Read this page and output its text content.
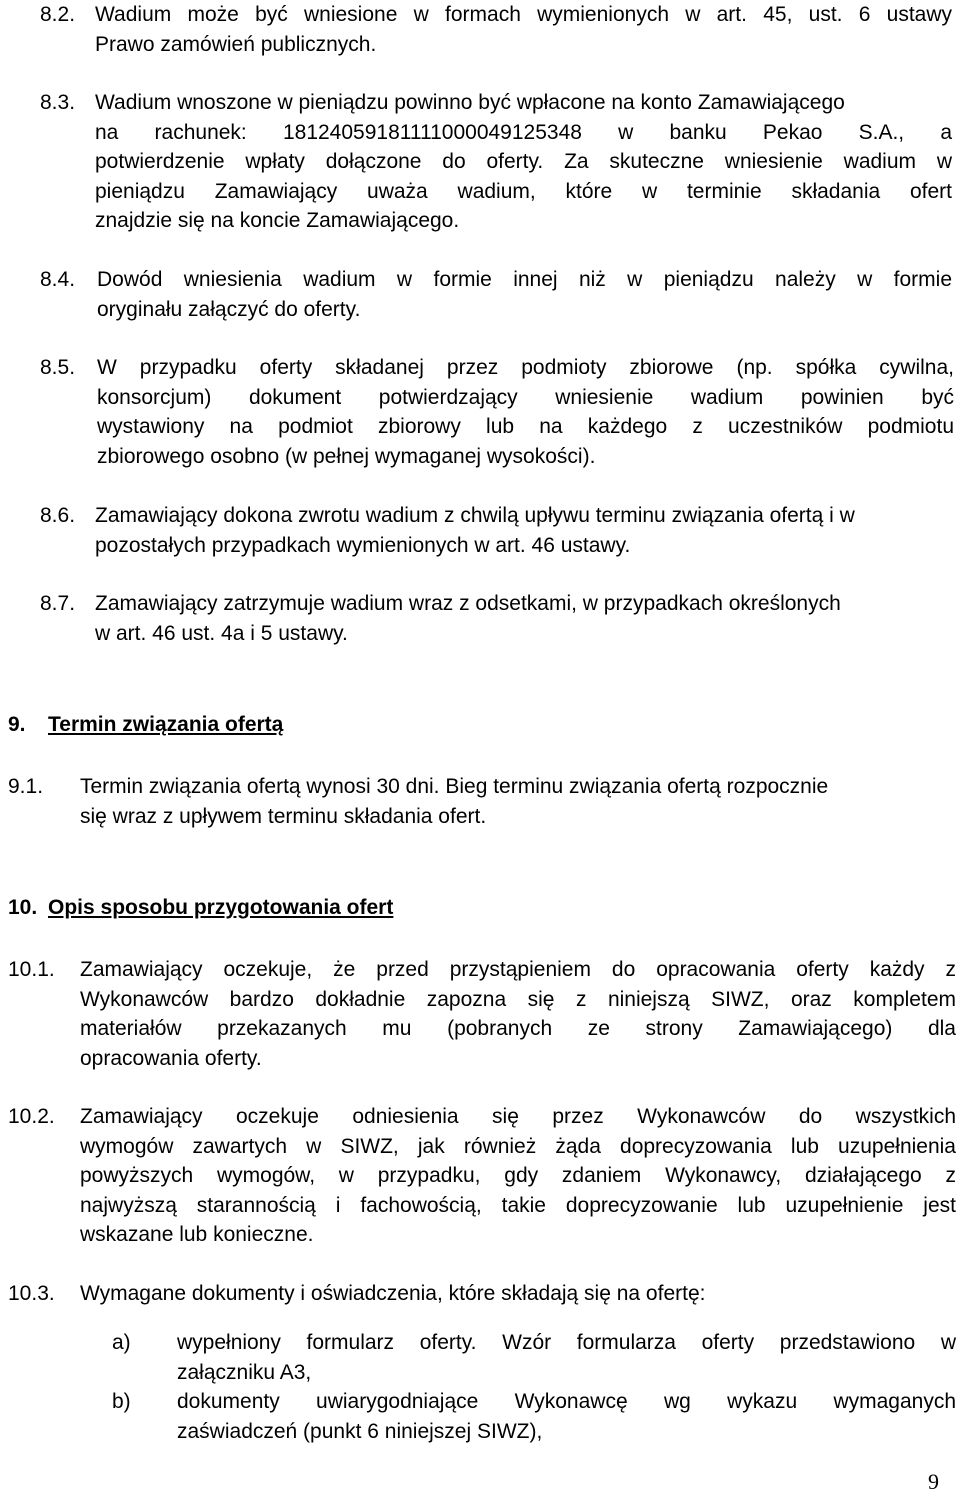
8.2. Wadium może być wniesione w formach wymienionych w art. 45, ust. 6 ustawy

Prawo zamówień publicznych.

8.3. Wadium wnoszone w pieniądzu powinno być wpłacone na konto Zamawiającego

na rachunek: 18124059181111000049125348 w banku Pekao S.A., a

potwierdzenie wpłaty dołączone do oferty. Za skuteczne wniesienie wadium w

pieniądzu Zamawiający uważa wadium, które w terminie składania ofert

znajdzie się na koncie Zamawiającego.

8.4. Dowód wniesienia wadium w formie innej niż w pieniądzu należy w formie

oryginału załączyć do oferty.

8.5. W przypadku oferty składanej przez podmioty zbiorowe (np. spółka cywilna,

konsorcjum) dokument potwierdzający wniesienie wadium powinien być

wystawiony na podmiot zbiorowy lub na każdego z uczestników podmiotu

zbiorowego osobno (w pełnej wymaganej wysokości).

8.6. Zamawiający dokona zwrotu wadium z chwilą upływu terminu związania ofertą i w

pozostałych przypadkach wymienionych w art. 46 ustawy.

8.7. Zamawiający zatrzymuje wadium wraz z odsetkami, w przypadkach określonych

w art. 46 ust. 4a i 5 ustawy.

9. Termin związania ofertą
9.1. Termin związania ofertą wynosi 30 dni. Bieg terminu związania ofertą rozpocznie

się wraz z upływem terminu składania ofert.

10. Opis sposobu przygotowania ofert
10.1. Zamawiający oczekuje, że przed przystąpieniem do opracowania oferty każdy z

Wykonawców bardzo dokładnie zapozna się z niniejszą SIWZ, oraz kompletem

materiałów przekazanych mu (pobranych ze strony Zamawiającego) dla

opracowania oferty.

10.2. Zamawiający oczekuje odniesienia się przez Wykonawców do wszystkich

wymogów zawartych w SIWZ, jak również żąda doprecyzowania lub uzupełnienia

powyższych wymogów, w przypadku, gdy zdaniem Wykonawcy, działającego z

najwyższą starannością i fachowością, takie doprecyzowanie lub uzupełnienie jest

wskazane lub konieczne.

10.3. Wymagane dokumenty i oświadczenia, które składają się na ofertę:

a) wypełniony formularz oferty. Wzór formularza oferty przedstawiono w

załączniku A3,

b) dokumenty uwiarygodniające Wykonawcę wg wykazu wymaganych

zaświadczeń (punkt 6 niniejszej SIWZ),

9
